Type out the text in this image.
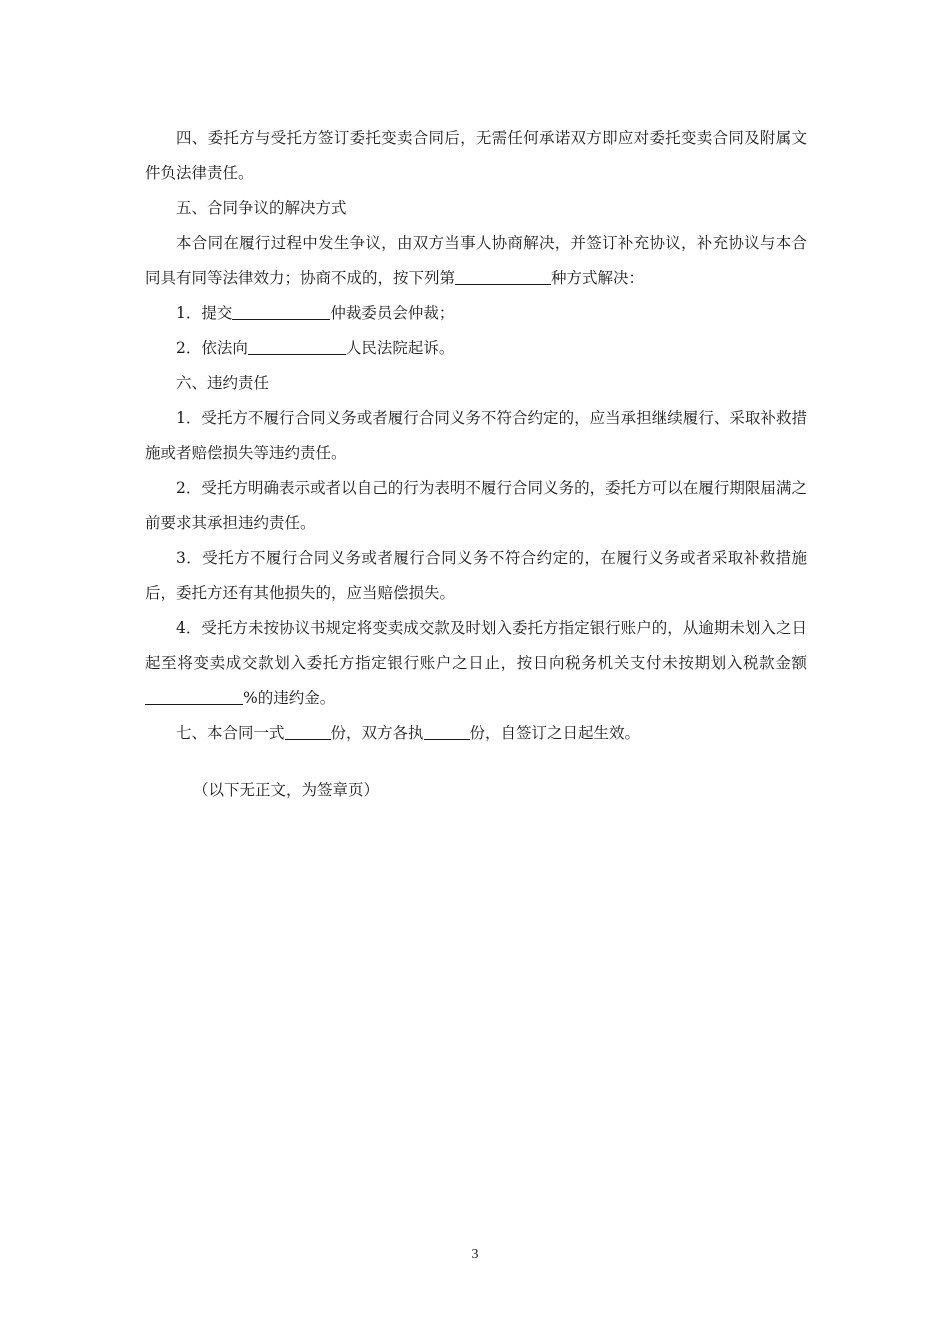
四、委托方与受托方签订委托变卖合同后，无需任何承诺双方即应对委托变卖合同及附属文件负法律责任。

五、合同争议的解决方式

本合同在履行过程中发生争议，由双方当事人协商解决，并签订补充协议，补充协议与本合同具有同等法律效力；协商不成的，按下列第	种方式解决：

1．提交	仲裁委员会仲裁；

2．依法向	人民法院起诉。

六、违约责任

1．受托方不履行合同义务或者履行合同义务不符合约定的，应当承担继续履行、采取补救措施或者赔偿损失等违约责任。

2．受托方明确表示或者以自己的行为表明不履行合同义务的，委托方可以在履行期限届满之前要求其承担违约责任。

3．受托方不履行合同义务或者履行合同义务不符合约定的，在履行义务或者采取补救措施后，委托方还有其他损失的，应当赔偿损失。

4．受托方未按协议书规定将变卖成交款及时划入委托方指定银行账户的，从逾期未划入之日起至将变卖成交款划入委托方指定银行账户之日止，按日向税务机关支付未按期划入税款金额%的违约金。

七、本合同一式	份，双方各执	份，自签订之日起生效。

（以下无正文，为签章页）

3
